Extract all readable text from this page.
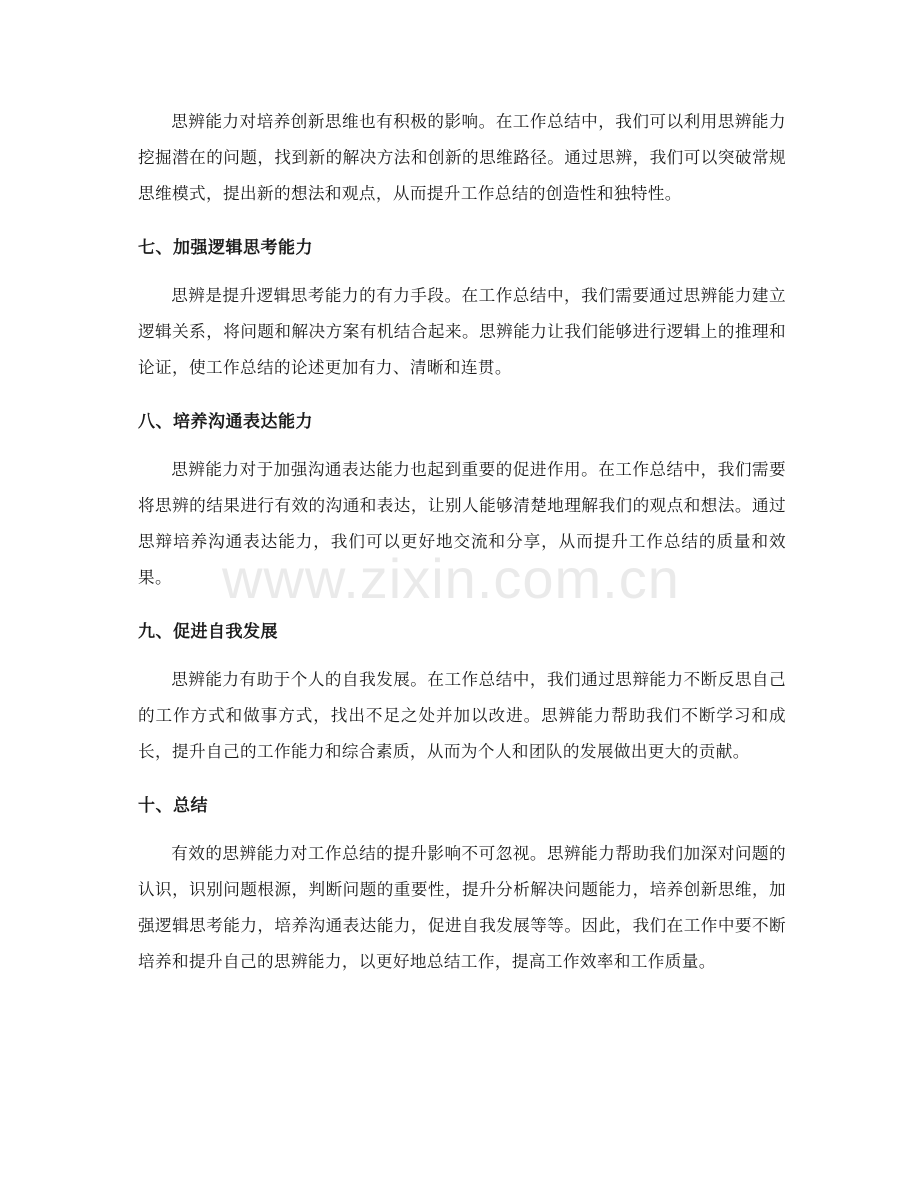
思辨能力对培养创新思维也有积极的影响。在工作总结中，我们可以利用思辨能力挖掘潜在的问题，找到新的解决方法和创新的思维路径。通过思辨，我们可以突破常规思维模式，提出新的想法和观点，从而提升工作总结的创造性和独特性。

七、加强逻辑思考能力

思辨是提升逻辑思考能力的有力手段。在工作总结中，我们需要通过思辨能力建立逻辑关系，将问题和解决方案有机结合起来。思辨能力让我们能够进行逻辑上的推理和论证，使工作总结的论述更加有力、清晰和连贯。

八、培养沟通表达能力

思辨能力对于加强沟通表达能力也起到重要的促进作用。在工作总结中，我们需要将思辨的结果进行有效的沟通和表达，让别人能够清楚地理解我们的观点和想法。通过思辩培养沟通表达能力，我们可以更好地交流和分享，从而提升工作总结的质量和效果。

九、促进自我发展

思辨能力有助于个人的自我发展。在工作总结中，我们通过思辩能力不断反思自己的工作方式和做事方式，找出不足之处并加以改进。思辨能力帮助我们不断学习和成长，提升自己的工作能力和综合素质，从而为个人和团队的发展做出更大的贡献。

十、总结

有效的思辨能力对工作总结的提升影响不可忽视。思辨能力帮助我们加深对问题的认识，识别问题根源，判断问题的重要性，提升分析解决问题能力，培养创新思维，加强逻辑思考能力，培养沟通表达能力，促进自我发展等等。因此，我们在工作中要不断培养和提升自己的思辨能力，以更好地总结工作，提高工作效率和工作质量。

www.zixin.com.cn
